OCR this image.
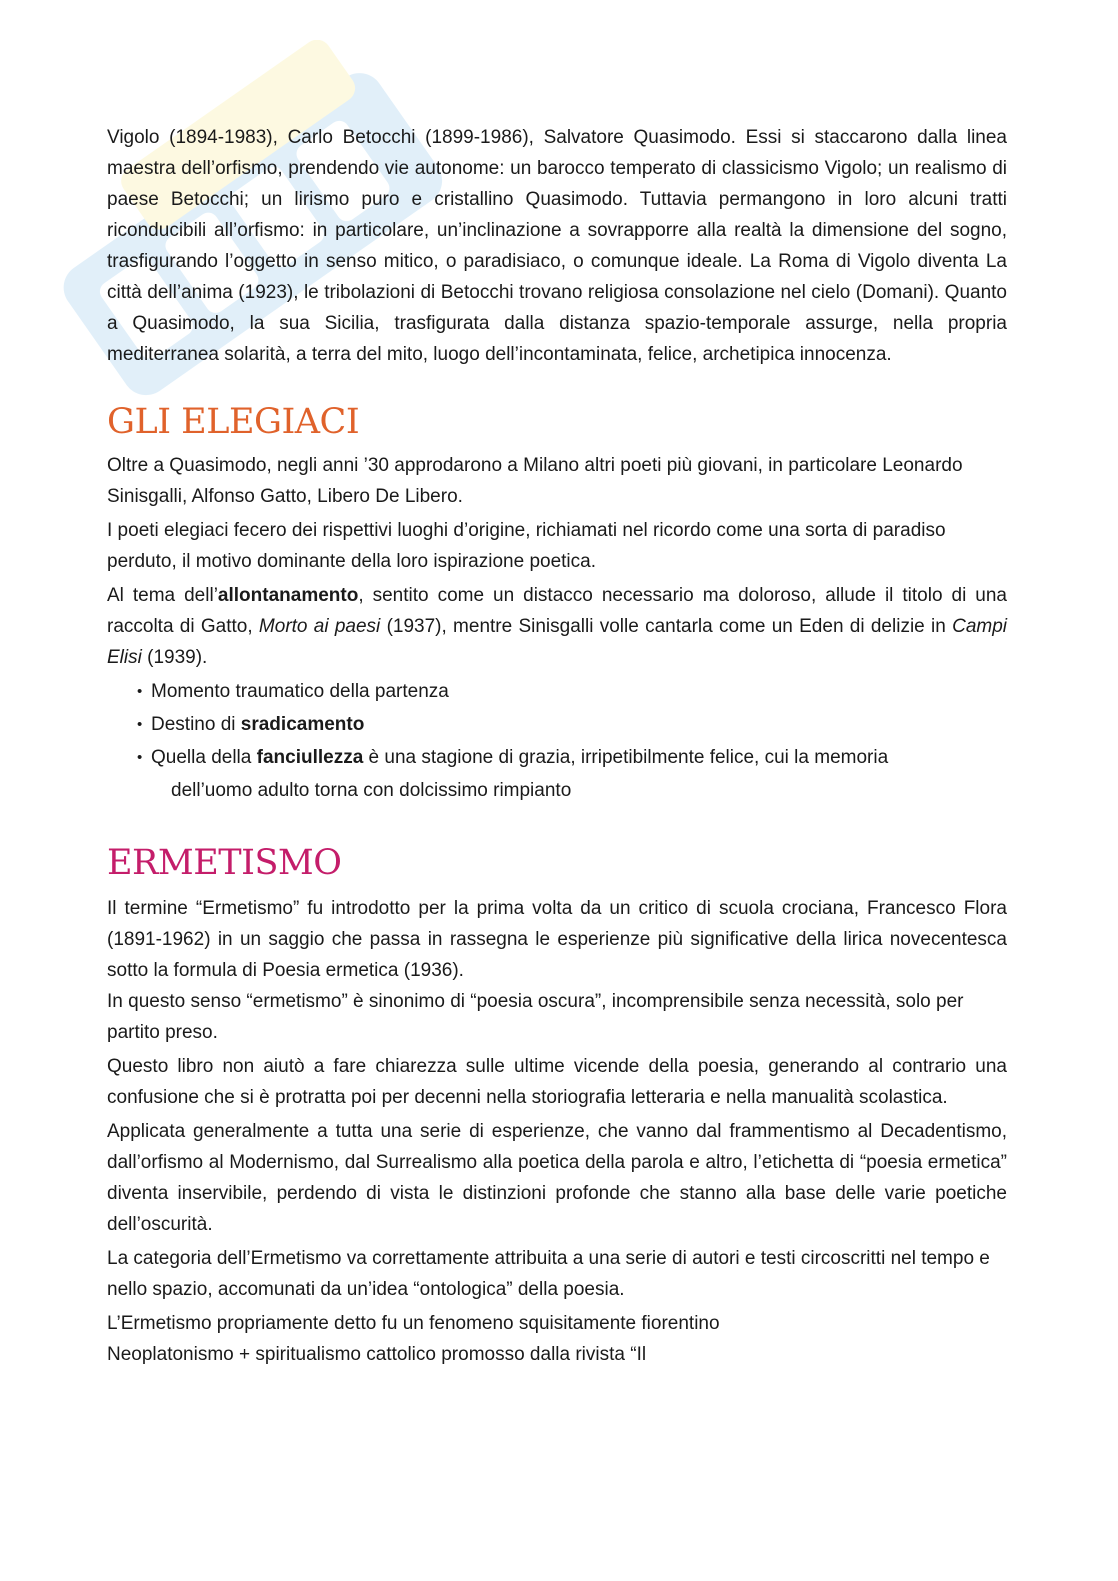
Vigolo (1894-1983), Carlo Betocchi (1899-1986), Salvatore Quasimodo. Essi si staccarono dalla linea maestra dell’orfismo, prendendo vie autonome: un barocco temperato di classicismo Vigolo; un realismo di paese Betocchi; un lirismo puro e cristallino Quasimodo. Tuttavia permangono in loro alcuni tratti riconducibili all’orfismo: in particolare, un’inclinazione a sovrapporre alla realtà la dimensione del sogno, trasfigurando l’oggetto in senso mitico, o paradisiaco, o comunque ideale. La Roma di Vigolo diventa La città dell’anima (1923), le tribolazioni di Betocchi trovano religiosa consolazione nel cielo (Domani). Quanto a Quasimodo, la sua Sicilia, trasfigurata dalla distanza spazio-temporale assurge, nella propria mediterranea solarità, a terra del mito, luogo dell’incontaminata, felice, archetipica innocenza.

GLI ELEGIACI

Oltre a Quasimodo, negli anni ’30 approdarono a Milano altri poeti più giovani, in particolare Leonardo Sinisgalli, Alfonso Gatto, Libero De Libero.

I poeti elegiaci fecero dei rispettivi luoghi d’origine, richiamati nel ricordo come una sorta di paradiso perduto, il motivo dominante della loro ispirazione poetica.

Al tema dell’allontanamento, sentito come un distacco necessario ma doloroso, allude il titolo di una raccolta di Gatto, Morto ai paesi (1937), mentre Sinisgalli volle cantarla come un Eden di delizie in Campi Elisi (1939).

• Momento traumatico della partenza
• Destino di sradicamento
• Quella della fanciullezza è una stagione di grazia, irripetibilmente felice, cui la memoria
dell’uomo adulto torna con dolcissimo rimpianto
ERMETISMO

Il termine “Ermetismo” fu introdotto per la prima volta da un critico di scuola crociana, Francesco Flora (1891-1962) in un saggio che passa in rassegna le esperienze più significative della lirica novecentesca sotto la formula di Poesia ermetica (1936).

In questo senso “ermetismo” è sinonimo di “poesia oscura”, incomprensibile senza necessità, solo per partito preso.

Questo libro non aiutò a fare chiarezza sulle ultime vicende della poesia, generando al contrario una confusione che si è protratta poi per decenni nella storiografia letteraria e nella manualità scolastica.

Applicata generalmente a tutta una serie di esperienze, che vanno dal frammentismo al Decadentismo, dall’orfismo al Modernismo, dal Surrealismo alla poetica della parola e altro, l’etichetta di “poesia ermetica” diventa inservibile, perdendo di vista le distinzioni profonde che stanno alla base delle varie poetiche dell’oscurità.

La categoria dell’Ermetismo va correttamente attribuita a una serie di autori e testi circoscritti nel tempo e nello spazio, accomunati da un’idea “ontologica” della poesia.

L’Ermetismo propriamente detto fu un fenomeno squisitamente fiorentino

Neoplatonismo + spiritualismo cattolico promosso dalla rivista “Il
